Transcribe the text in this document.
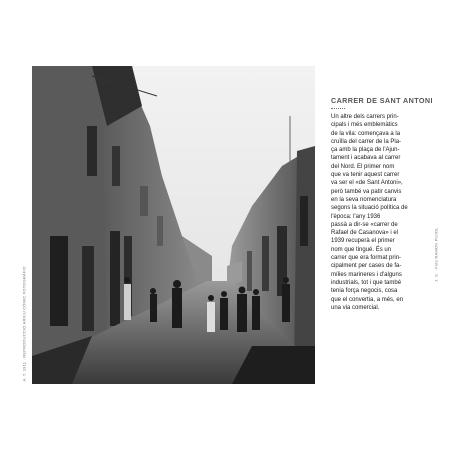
A. T. 1911 · REPRODUCCIÓ ARXIU CÒMIC FOTOGRÀFIC

CARRER DE SANT ANTONI

Un altre dels carrers prin-
cipals i més emblemàtics
de la vila: començava a la
cruïlla del carrer de la Pla-
ça amb la plaça de l'Ajun-
tament i acabava al carrer
del Nord. El primer nom
que va tenir aquest carrer
va ser el «de Sant Antoni»,
però també va patir canvis
en la seva nomenclatura
segons la situació política de
l'època: l'any 1936
passà a dir-se «carrer de
Rafael de Casanova» i el
1939 recuperà el primer
nom que tingué. És un
carrer que era format prin-
cipalment per cases de fa-
mílies marineres i d'alguns
industrials, tot i que també
tenia força negocis, cosa
que el convertia, a més, en
una via comercial.

J. S. · Foto RAMON PUJOL
